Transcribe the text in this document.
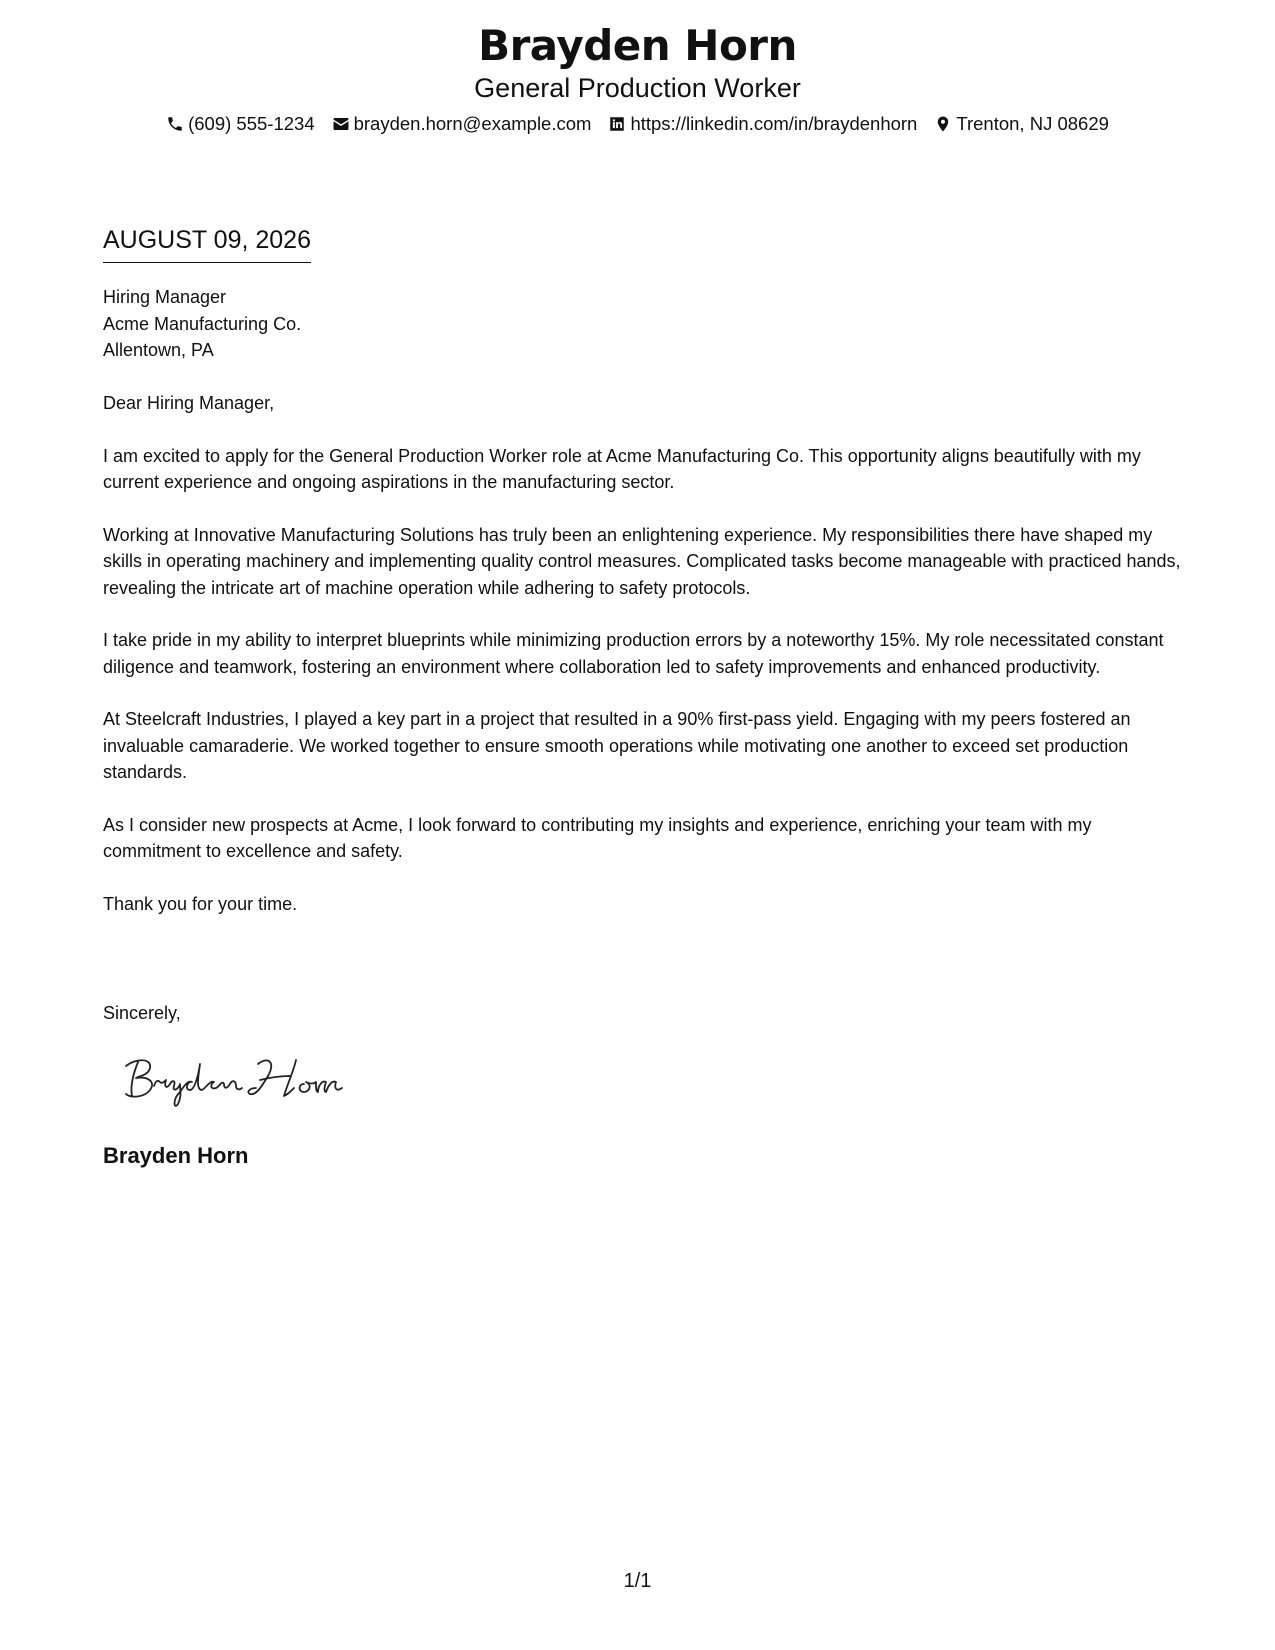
Brayden Horn
General Production Worker
(609) 555-1234 brayden.horn@example.com https://linkedin.com/in/braydenhorn Trenton, NJ 08629
AUGUST 09, 2026
Hiring Manager
Acme Manufacturing Co.
Allentown, PA

Dear Hiring Manager,

I am excited to apply for the General Production Worker role at Acme Manufacturing Co. This opportunity aligns beautifully with my current experience and ongoing aspirations in the manufacturing sector.

Working at Innovative Manufacturing Solutions has truly been an enlightening experience. My responsibilities there have shaped my skills in operating machinery and implementing quality control measures. Complicated tasks become manageable with practiced hands, revealing the intricate art of machine operation while adhering to safety protocols.

I take pride in my ability to interpret blueprints while minimizing production errors by a noteworthy 15%. My role necessitated constant diligence and teamwork, fostering an environment where collaboration led to safety improvements and enhanced productivity.

At Steelcraft Industries, I played a key part in a project that resulted in a 90% first-pass yield. Engaging with my peers fostered an invaluable camaraderie. We worked together to ensure smooth operations while motivating one another to exceed set production standards.

As I consider new prospects at Acme, I look forward to contributing my insights and experience, enriching your team with my commitment to excellence and safety.

Thank you for your time.

Sincerely,
Brayden Horn
1/1
